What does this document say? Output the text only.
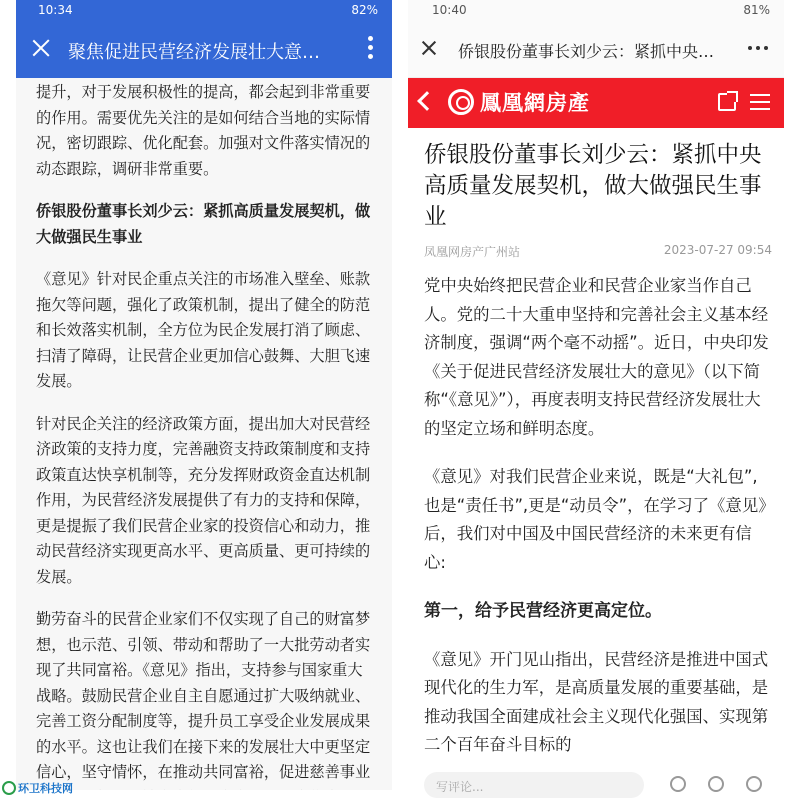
10:34	82%
聚焦促进民营经济发展壮大意…

提升，对于发展积极性的提高，都会起到非常重要的作用。需要优先关注的是如何结合当地的实际情况，密切跟踪、优化配套。加强对文件落实情况的动态跟踪，调研非常重要。

侨银股份董事长刘少云：紧抓高质量发展契机，做大做强民生事业

《意见》针对民企重点关注的市场准入壁垒、账款拖欠等问题，强化了政策机制，提出了健全的防范和长效落实机制，全方位为民企发展打消了顾虑、扫清了障碍，让民营企业更加信心鼓舞、大胆飞速发展。

针对民企关注的经济政策方面，提出加大对民营经济政策的支持力度，完善融资支持政策制度和支持政策直达快享机制等，充分发挥财政资金直达机制作用，为民营经济发展提供了有力的支持和保障，更是提振了我们民营企业家的投资信心和动力，推动民营经济实现更高水平、更高质量、更可持续的发展。

勤劳奋斗的民营企业家们不仅实现了自己的财富梦想，也示范、引领、带动和帮助了一大批劳动者实现了共同富裕。《意见》指出，支持参与国家重大战略。鼓励民营企业自主自愿通过扩大吸纳就业、完善工资分配制度等，提升员工享受企业发展成果的水平。这也让我们在接下来的发展壮大中更坚定信心，坚守情怀，在推动共同富裕，促进慈善事业

10:40	81%
侨银股份董事长刘少云：紧抓中央…
鳳凰網房產
侨银股份董事长刘少云：紧抓中央高质量发展契机，做大做强民生事业
凤凰网房产广州站	2023-07-27 09:54

党中央始终把民营企业和民营企业家当作自己人。党的二十大重申坚持和完善社会主义基本经济制度，强调“两个毫不动摇”。近日，中央印发《关于促进民营经济发展壮大的意见》（以下简称“《意见》”），再度表明支持民营经济发展壮大的坚定立场和鲜明态度。

《意见》对我们民营企业来说，既是“大礼包”,也是“责任书”,更是“动员令”，在学习了《意见》后，我们对中国及中国民营经济的未来更有信心:

第一，给予民营经济更高定位。

《意见》开门见山指出，民营经济是推进中国式现代化的生力军，是高质量发展的重要基础，是推动我国全面建成社会主义现代化强国、实现第二个百年奋斗目标的

写评论...
环卫科技网
